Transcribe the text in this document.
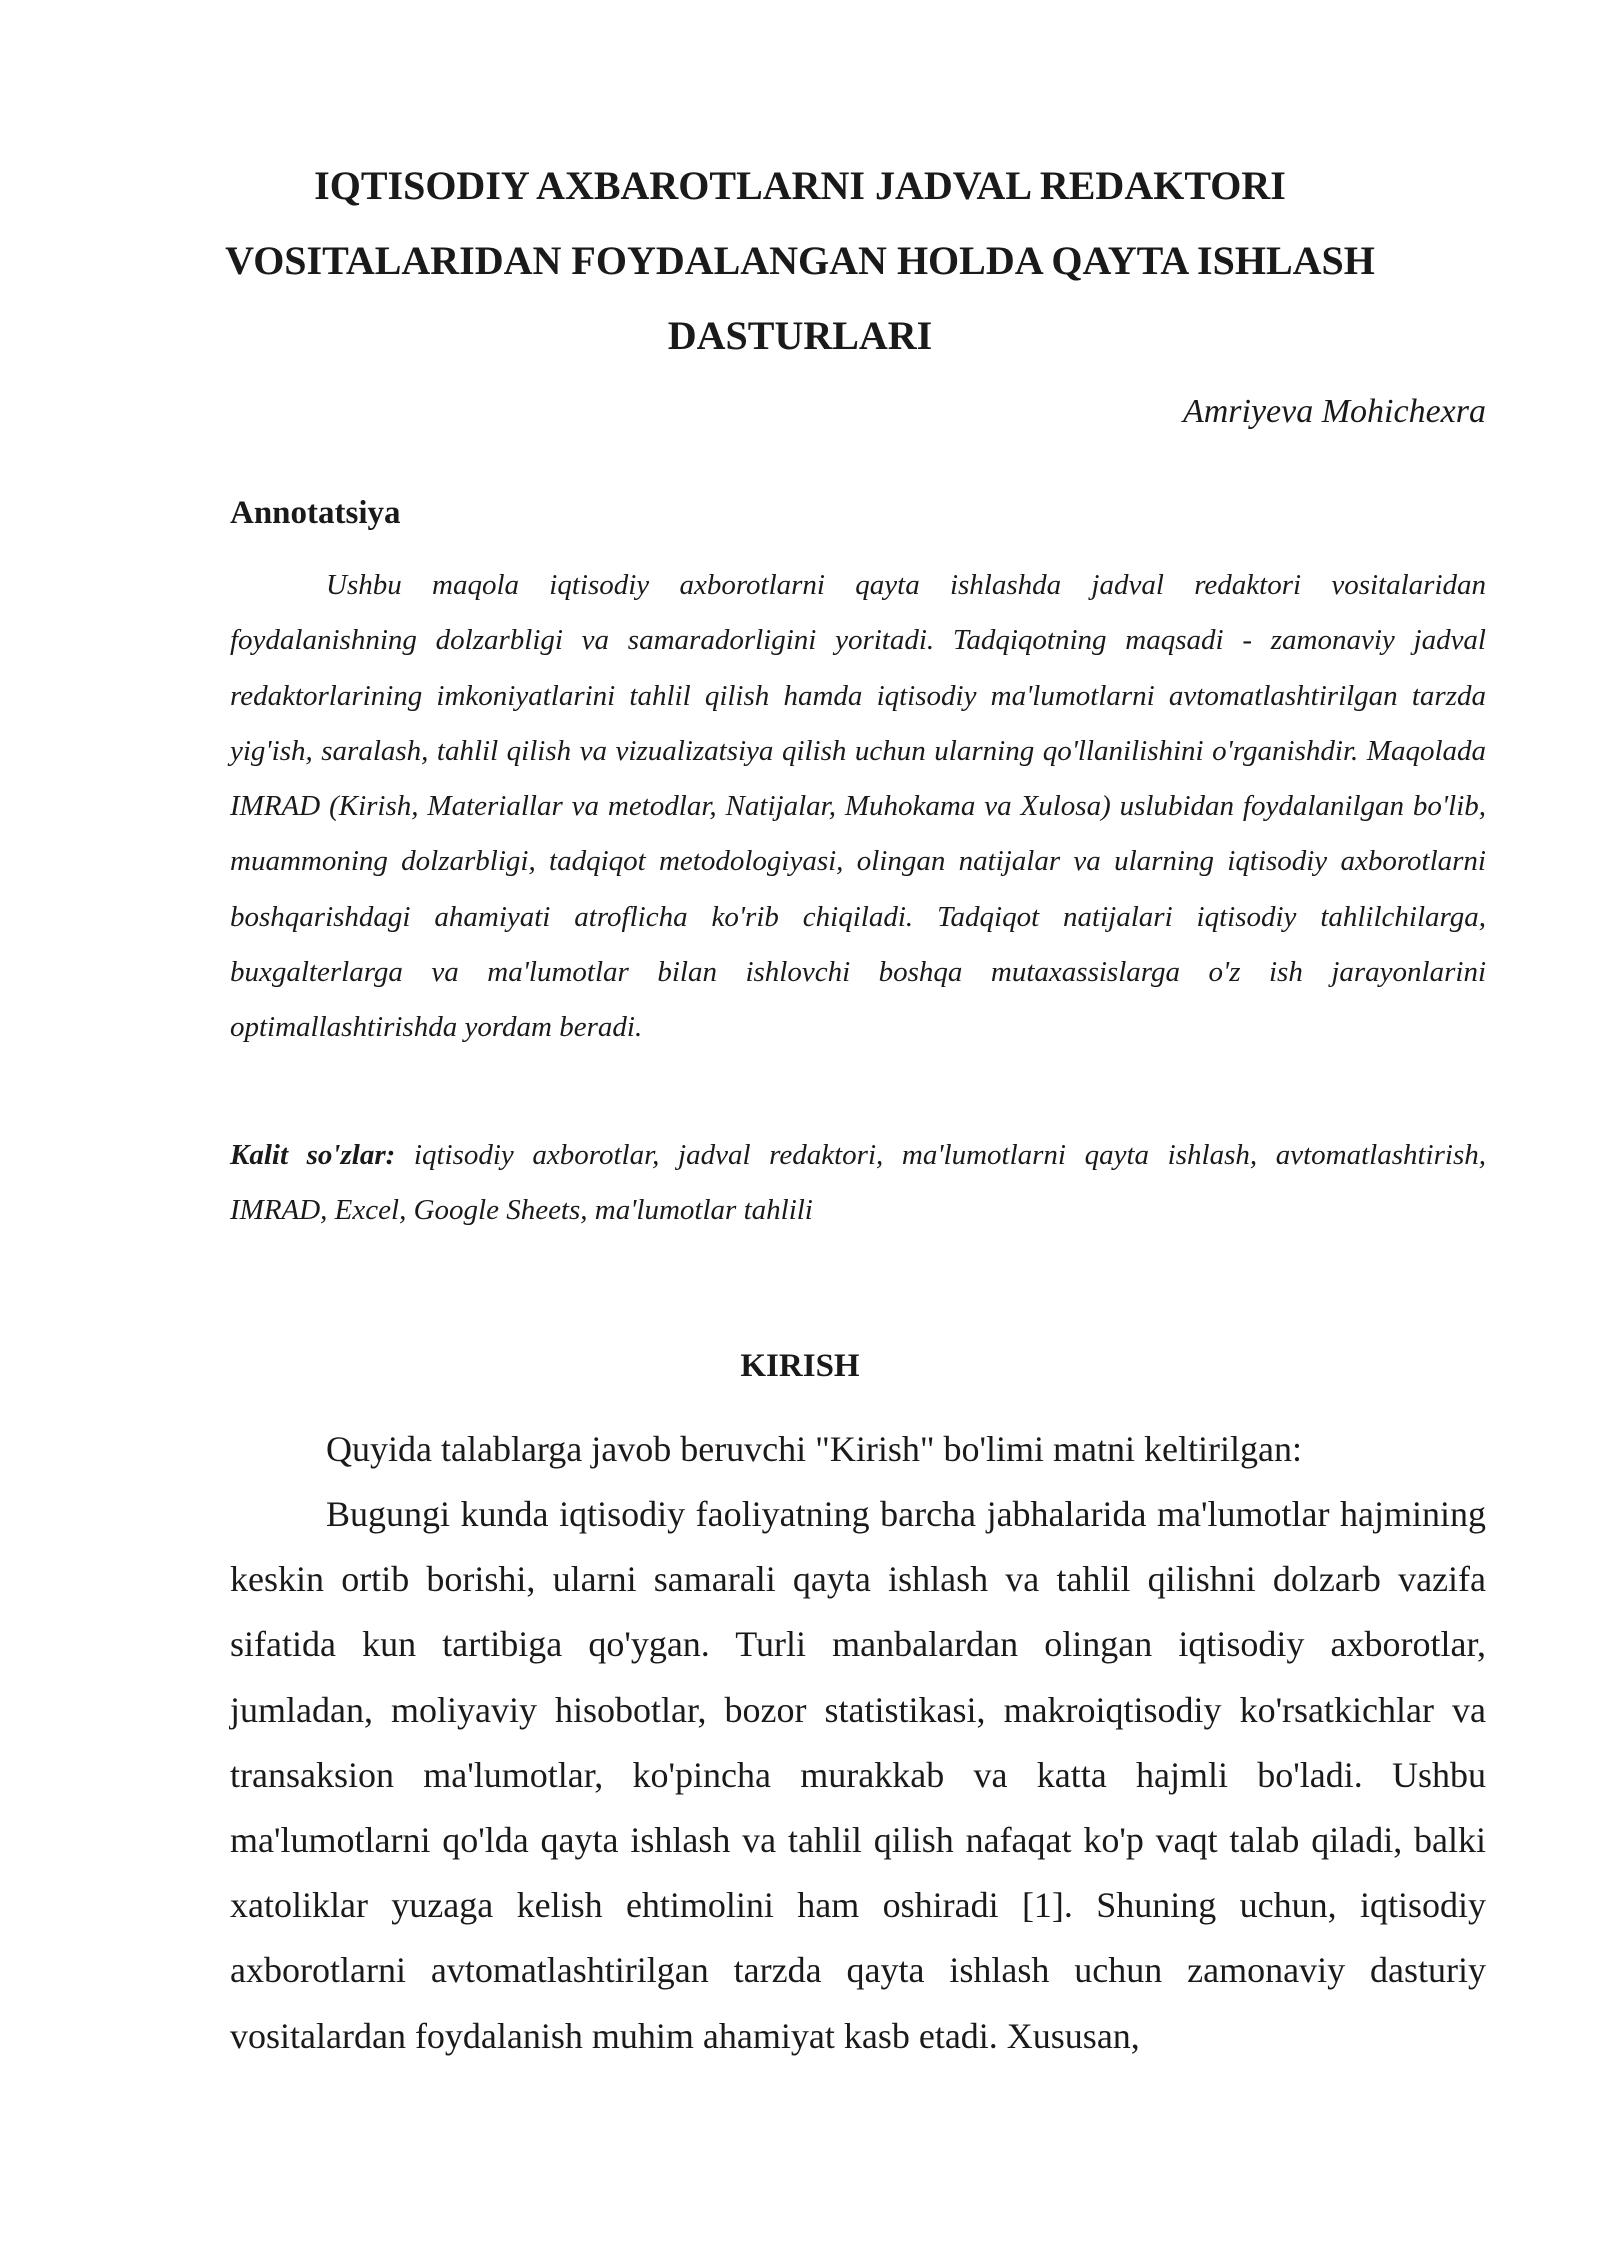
IQTISODIY AXBAROTLARNI JADVAL REDAKTORI
VOSITALARIDAN FOYDALANGAN HOLDA QAYTA ISHLASH
DASTURLARI

Amriyeva Mohichexra

Annotatsiya

Ushbu maqola iqtisodiy axborotlarni qayta ishlashda jadval redaktori vositalaridan foydalanishning dolzarbligi va samaradorligini yoritadi. Tadqiqotning maqsadi - zamonaviy jadval redaktorlarining imkoniyatlarini tahlil qilish hamda iqtisodiy ma'lumotlarni avtomatlashtirilgan tarzda yig'ish, saralash, tahlil qilish va vizualizatsiya qilish uchun ularning qo'llanilishini o'rganishdir. Maqolada IMRAD (Kirish, Materiallar va metodlar, Natijalar, Muhokama va Xulosa) uslubidan foydalanilgan bo'lib, muammoning dolzarbligi, tadqiqot metodologiyasi, olingan natijalar va ularning iqtisodiy axborotlarni boshqarishdagi ahamiyati atroflicha ko'rib chiqiladi. Tadqiqot natijalari iqtisodiy tahlilchilarga, buxgalterlarga va ma'lumotlar bilan ishlovchi boshqa mutaxassislarga o'z ish jarayonlarini optimallashtirishda yordam beradi.

Kalit so'zlar: iqtisodiy axborotlar, jadval redaktori, ma'lumotlarni qayta ishlash, avtomatlashtirish, IMRAD, Excel, Google Sheets, ma'lumotlar tahlili

KIRISH

Quyida talablarga javob beruvchi "Kirish" bo'limi matni keltirilgan:

Bugungi kunda iqtisodiy faoliyatning barcha jabhalarida ma'lumotlar hajmining keskin ortib borishi, ularni samarali qayta ishlash va tahlil qilishni dolzarb vazifa sifatida kun tartibiga qo'ygan. Turli manbalardan olingan iqtisodiy axborotlar, jumladan, moliyaviy hisobotlar, bozor statistikasi, makroiqtisodiy ko'rsatkichlar va transaksion ma'lumotlar, ko'pincha murakkab va katta hajmli bo'ladi. Ushbu ma'lumotlarni qo'lda qayta ishlash va tahlil qilish nafaqat ko'p vaqt talab qiladi, balki xatoliklar yuzaga kelish ehtimolini ham oshiradi [1]. Shuning uchun, iqtisodiy axborotlarni avtomatlashtirilgan tarzda qayta ishlash uchun zamonaviy dasturiy vositalardan foydalanish muhim ahamiyat kasb etadi. Xususan,
